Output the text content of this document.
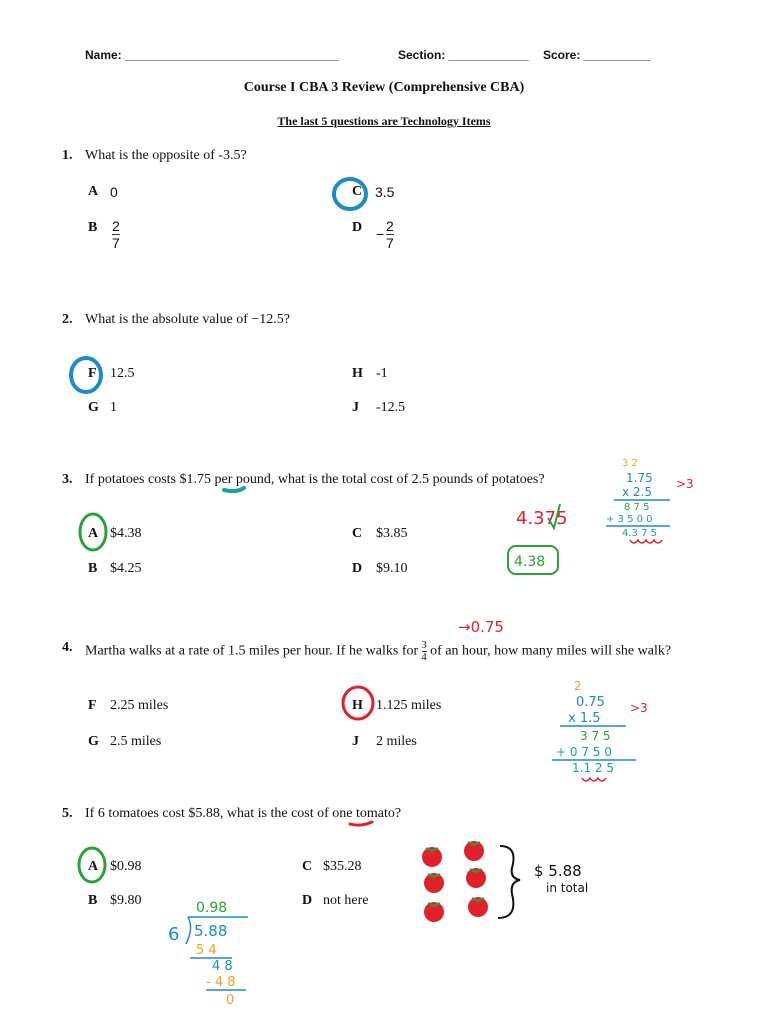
Name: ________________________________	Section: ____________ Score: __________
Course I CBA 3 Review (Comprehensive CBA)
The last 5 questions are Technology Items
1. What is the opposite of -3.5?
A 0	C 3.5
B $\frac{2}{7}$	$D - \frac{2}{7}$
2. What is the absolute value of −12.5?
F 12.5	H -1
G 1	J -12.5
3. If potatoes costs $1.75 per pound, what is the total cost of 2.5 pounds of potatoes?
A $4.38	C $3.85
B $4.25	D $9.10
4. Martha walks at a rate of 1.5 miles per hour. If he walks for $\frac{3}{4}$ of an hour, how many miles will she walk?
F 2.25 miles	H 1.125 miles
G 2.5 miles	J 2 miles
5. If 6 tomatoes cost $5.88, what is the cost of one tomato?
A $0.98	C $35.28
B $9.80	D not here
4.375
4.38
3 2
1.75
x 2.5
8 7 5
+ 3 5 0 0
4.3 7 5
>3
→0.75
2
0.75
x 1.5
3 7 5
+ 0 7 5 0
1.1 2 5
>3
0.98
6 5.88
5 4
4 8
- 4 8
0
$ 5.88
in total
